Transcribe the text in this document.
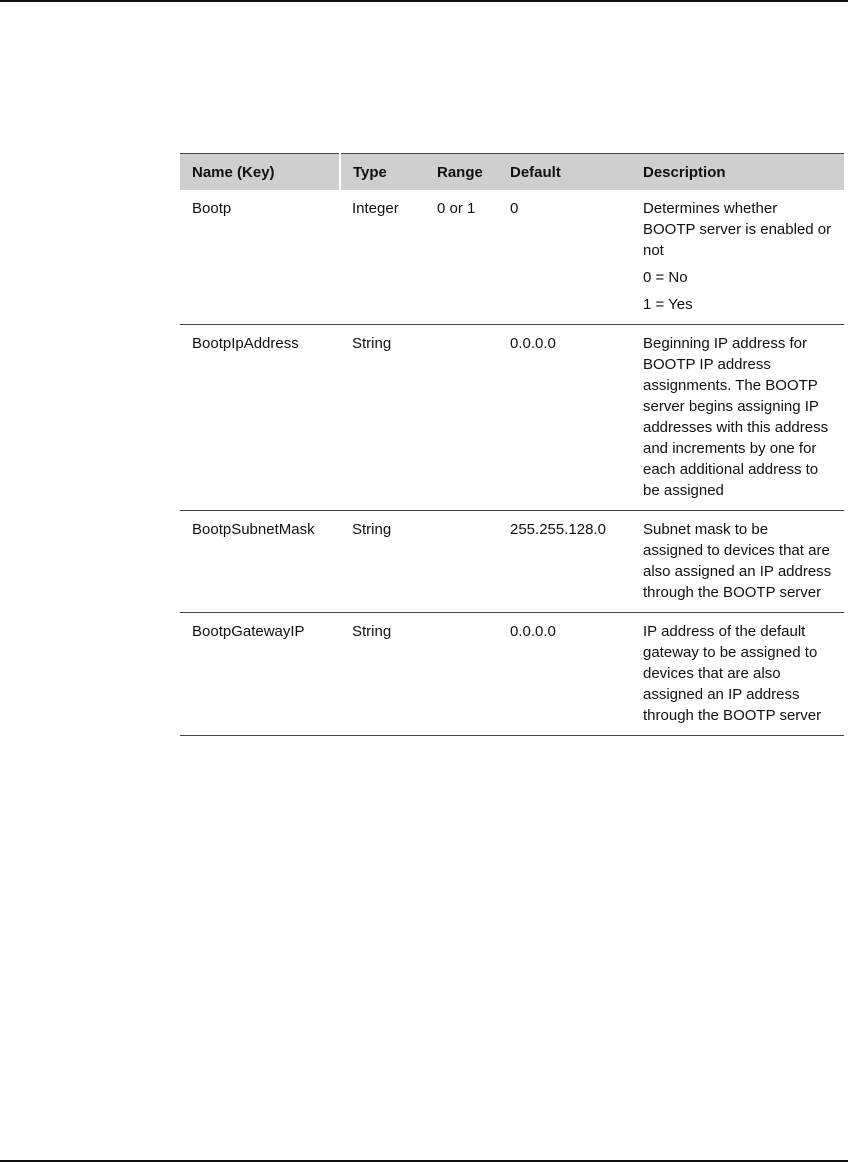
Name (Key)	Type	Range	Default	Description
Bootp	Integer	0 or 1	0	Determines whether BOOTP server is enabled or not
0 = No
1 = Yes

BootpIpAddress	String		0.0.0.0	Beginning IP address for BOOTP IP address assignments. The BOOTP server begins assigning IP addresses with this address and increments by one for each additional address to be assigned

BootpSubnetMask	String		255.255.128.0	Subnet mask to be assigned to devices that are also assigned an IP address through the BOOTP server

BootpGatewayIP	String		0.0.0.0	IP address of the default gateway to be assigned to devices that are also assigned an IP address through the BOOTP server
